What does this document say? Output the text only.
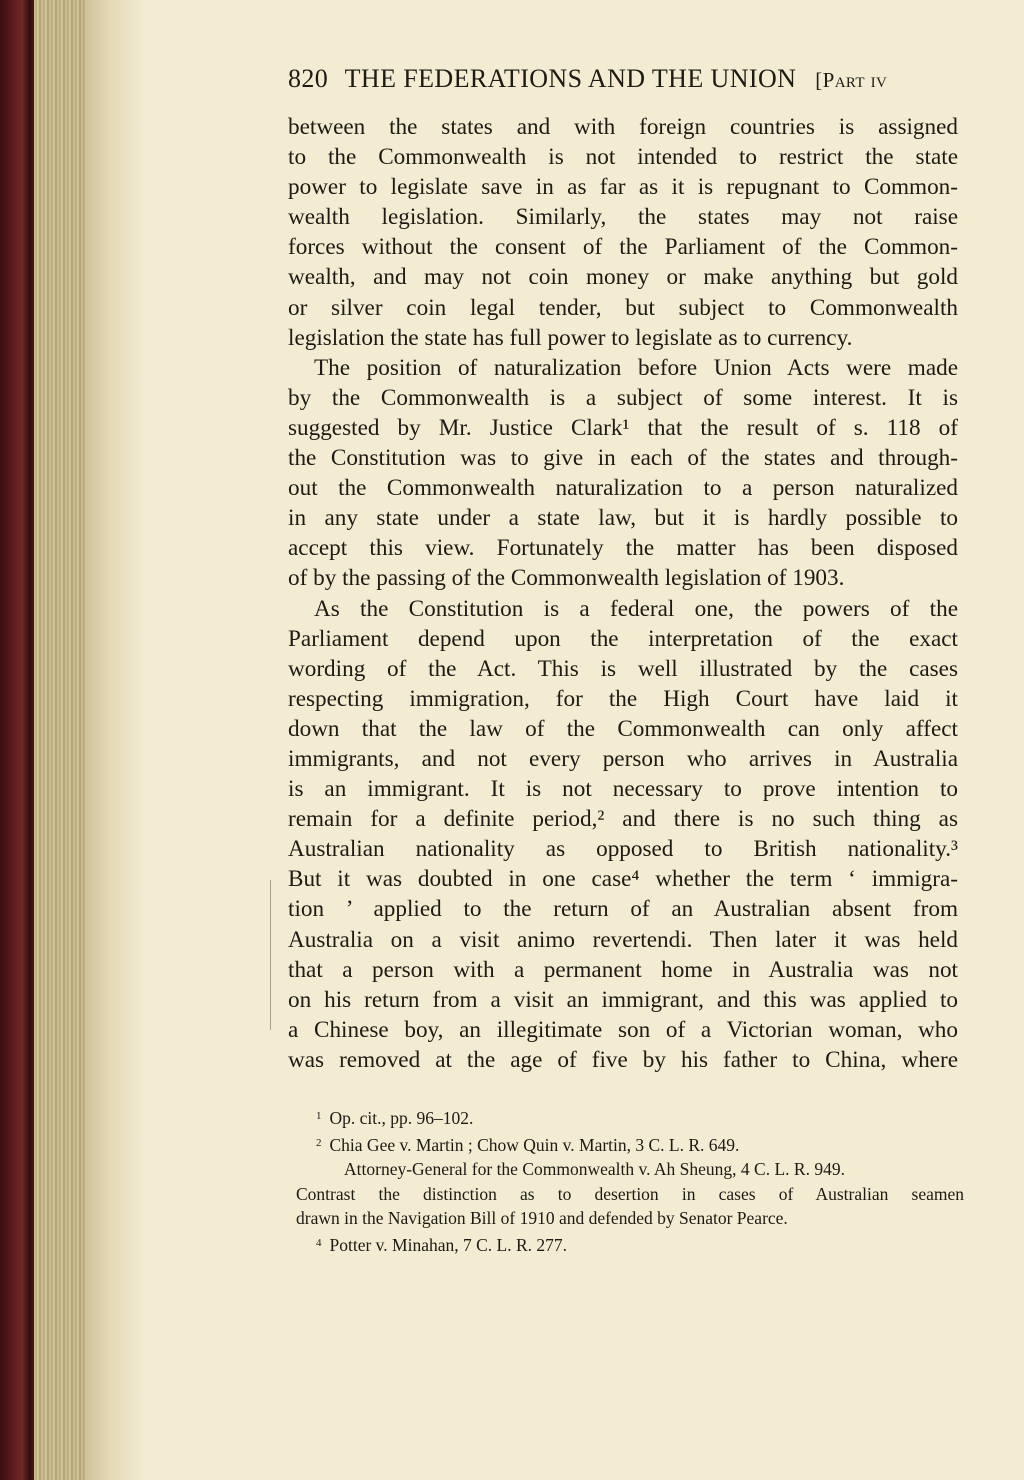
820 THE FEDERATIONS AND THE UNION [Part iv
between the states and with foreign countries is assigned
to the Commonwealth is not intended to restrict the state
power to legislate save in as far as it is repugnant to Common-
wealth legislation. Similarly, the states may not raise
forces without the consent of the Parliament of the Common-
wealth, and may not coin money or make anything but gold
or silver coin legal tender, but subject to Commonwealth
legislation the state has full power to legislate as to currency.
The position of naturalization before Union Acts were made
by the Commonwealth is a subject of some interest. It is
suggested by Mr. Justice Clark¹ that the result of s. 118 of
the Constitution was to give in each of the states and through-
out the Commonwealth naturalization to a person naturalized
in any state under a state law, but it is hardly possible to
accept this view. Fortunately the matter has been disposed
of by the passing of the Commonwealth legislation of 1903.
As the Constitution is a federal one, the powers of the
Parliament depend upon the interpretation of the exact
wording of the Act. This is well illustrated by the cases
respecting immigration, for the High Court have laid it
down that the law of the Commonwealth can only affect
immigrants, and not every person who arrives in Australia
is an immigrant. It is not necessary to prove intention to
remain for a definite period,² and there is no such thing as
Australian nationality as opposed to British nationality.³
But it was doubted in one case⁴ whether the term ‘ immigra-
tion ’ applied to the return of an Australian absent from
Australia on a visit animo revertendi. Then later it was held
that a person with a permanent home in Australia was not
on his return from a visit an immigrant, and this was applied to
a Chinese boy, an illegitimate son of a Victorian woman, who
was removed at the age of five by his father to China, where
$^1$ Op. cit., pp. 96–102.
$^2$ Chia Gee v. Martin ; Chow Quin v. Martin, 3 C. L. R. 649.
Attorney-General for the Commonwealth v. Ah Sheung, 4 C. L. R. 949.
Contrast the distinction as to desertion in cases of Australian seamen
drawn in the Navigation Bill of 1910 and defended by Senator Pearce.
$^4$ Potter v. Minahan, 7 C. L. R. 277.
